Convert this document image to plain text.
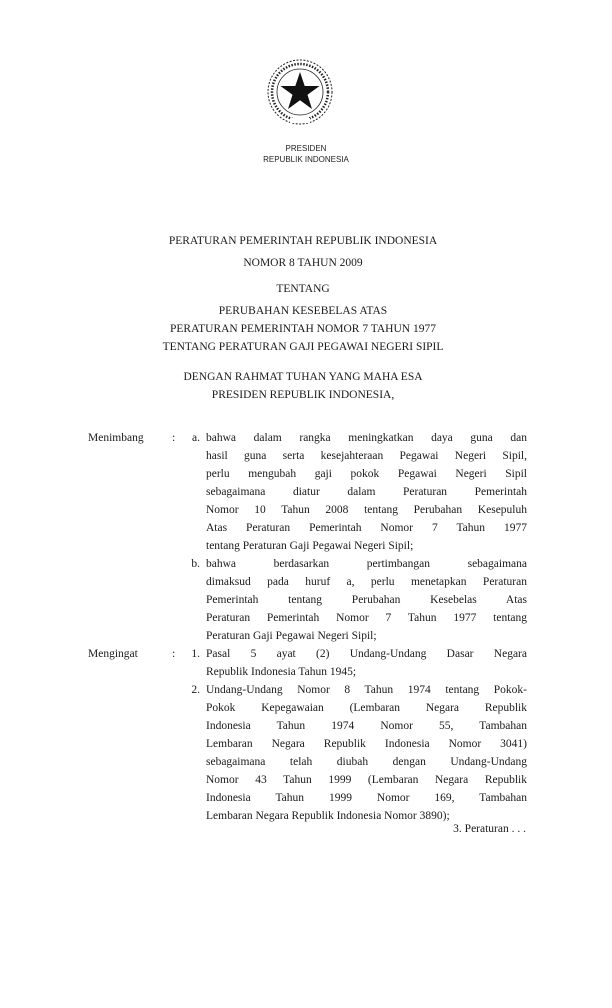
PRESIDEN
REPUBLIK INDONESIA
PERATURAN PEMERINTAH REPUBLIK INDONESIA
NOMOR 8 TAHUN 2009
TENTANG
PERUBAHAN KESEBELAS ATAS
PERATURAN PEMERINTAH NOMOR 7 TAHUN 1977
TENTANG PERATURAN GAJI PEGAWAI NEGERI SIPIL
DENGAN RAHMAT TUHAN YANG MAHA ESA
PRESIDEN REPUBLIK INDONESIA,
Menimbang :	a. bahwa dalam rangka meningkatkan daya guna dan
hasil guna serta kesejahteraan Pegawai Negeri Sipil,
perlu mengubah gaji pokok Pegawai Negeri Sipil
sebagaimana diatur dalam Peraturan Pemerintah
Nomor 10 Tahun 2008 tentang Perubahan Kesepuluh
Atas Peraturan Pemerintah Nomor 7 Tahun 1977
tentang Peraturan Gaji Pegawai Negeri Sipil;
b. bahwa berdasarkan pertimbangan sebagaimana
dimaksud pada huruf a, perlu menetapkan Peraturan
Pemerintah tentang Perubahan Kesebelas Atas
Peraturan Pemerintah Nomor 7 Tahun 1977 tentang
Peraturan Gaji Pegawai Negeri Sipil;
Mengingat	:	1. Pasal 5 ayat (2) Undang-Undang Dasar Negara
Republik Indonesia Tahun 1945;
2. Undang-Undang Nomor 8 Tahun 1974 tentang Pokok-
Pokok Kepegawaian (Lembaran Negara Republik
Indonesia Tahun 1974 Nomor 55, Tambahan
Lembaran Negara Republik Indonesia Nomor 3041)
sebagaimana telah diubah dengan Undang-Undang
Nomor 43 Tahun 1999 (Lembaran Negara Republik
Indonesia Tahun 1999 Nomor 169, Tambahan
Lembaran Negara Republik Indonesia Nomor 3890);
3. Peraturan . . .
